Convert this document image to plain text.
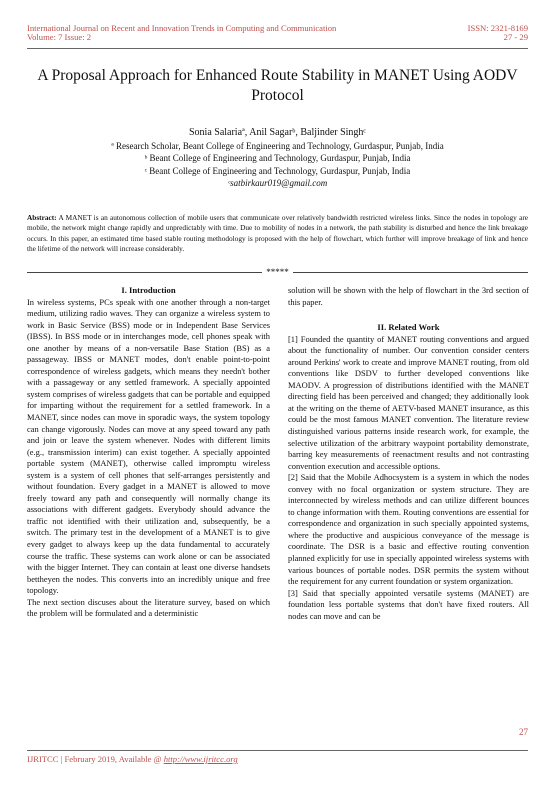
International Journal on Recent and Innovation Trends in Computing and Communication
Volume: 7 Issue: 2
ISSN: 2321-8169
27 - 29
A Proposal Approach for Enhanced Route Stability in MANET Using AODV Protocol
Sonia Salariaª, Anil Sagarᵇ, Baljinder Singhᶜ
ª Research Scholar, Beant College of Engineering and Technology, Gurdaspur, Punjab, India
ᵇ Beant College of Engineering and Technology, Gurdaspur, Punjab, India
ᶜ Beant College of Engineering and Technology, Gurdaspur, Punjab, India
ᶜsatbirkaur019@gmail.com
Abstract: A MANET is an autonomous collection of mobile users that communicate over relatively bandwidth restricted wireless links. Since the nodes in topology are mobile, the network might change rapidly and unpredictably with time. Due to mobility of nodes in a network, the path stability is disturbed and hence the link breakage occurs. In this paper, an estimated time based stable routing methodology is proposed with the help of flowchart, which further will improve breakage of link and hence the lifetime of the network will increase considerably.
*****
I. Introduction

In wireless systems, PCs speak with one another through a non-target medium, utilizing radio waves. They can organize a wireless system to work in Basic Service (BSS) mode or in Independent Base Services (IBSS). In BSS mode or in interchanges mode, cell phones speak with one another by means of a non-versatile Base Station (BS) as a passageway. IBSS or MANET modes, don't enable point-to-point correspondence of wireless gadgets, which means they needn't bother with a passageway or any settled framework. A specially appointed system comprises of wireless gadgets that can be portable and equipped for imparting without the requirement for a settled framework. In a MANET, since nodes can move in sporadic ways, the system topology can change vigorously. Nodes can move at any speed toward any path and join or leave the system whenever. Nodes with different limits (e.g., transmission interim) can exist together. A specially appointed portable system (MANET), otherwise called impromptu wireless system is a system of cell phones that self-arranges persistently and without foundation. Every gadget in a MANET is allowed to move freely toward any path and consequently will normally change its associations with different gadgets. Everybody should advance the traffic not identified with their utilization and, subsequently, be a switch. The primary test in the development of a MANET is to give every gadget to always keep up the data fundamental to accurately course the traffic. These systems can work alone or can be associated with the bigger Internet. They can contain at least one diverse handsets betthеyen the nodes. This converts into an incredibly unique and free topology.

The next section discuses about the literature survey, based on which the problem will be formulated and a deterministic

solution will be shown with the help of flowchart in the 3rd section of this paper.

II. Related Work

[1] Founded the quantity of MANET routing conventions and argued about the functionality of number. Our convention consider centers around Perkins' work to create and improve MANET routing, from old conventions like DSDV to further developed conventions like MAODV. A progression of distributions identified with the MANET directing field has been perceived and changed; they additionally look at the writing on the theme of AETV-based MANET insurance, as this could be the most famous MANET convention. The literature review distinguished various patterns inside research work, for example, the selective utilization of the arbitrary waypoint portability demonstrate, barring key measurements of reenactment results and not contrasting convention execution and accessible options.

[2] Said that the Mobile Adhocsystem is a system in which the nodes convey with no focal organization or system structure. They are interconnected by wireless methods and can utilize different bounces to change information with them. Routing conventions are essential for correspondence and organization in such specially appointed systems, where the productive and auspicious conveyance of the message is coordinate. The DSR is a basic and effective routing convention planned explicitly for use in specially appointed wireless systems with various bounces of portable nodes. DSR permits the system without the requirement for any current foundation or system organization.

[3] Said that specially appointed versatile systems (MANET) are foundation less portable systems that don't have fixed routers. All nodes can move and can be

27
IJRITCC | February 2019, Available @ http://www.ijritcc.org
